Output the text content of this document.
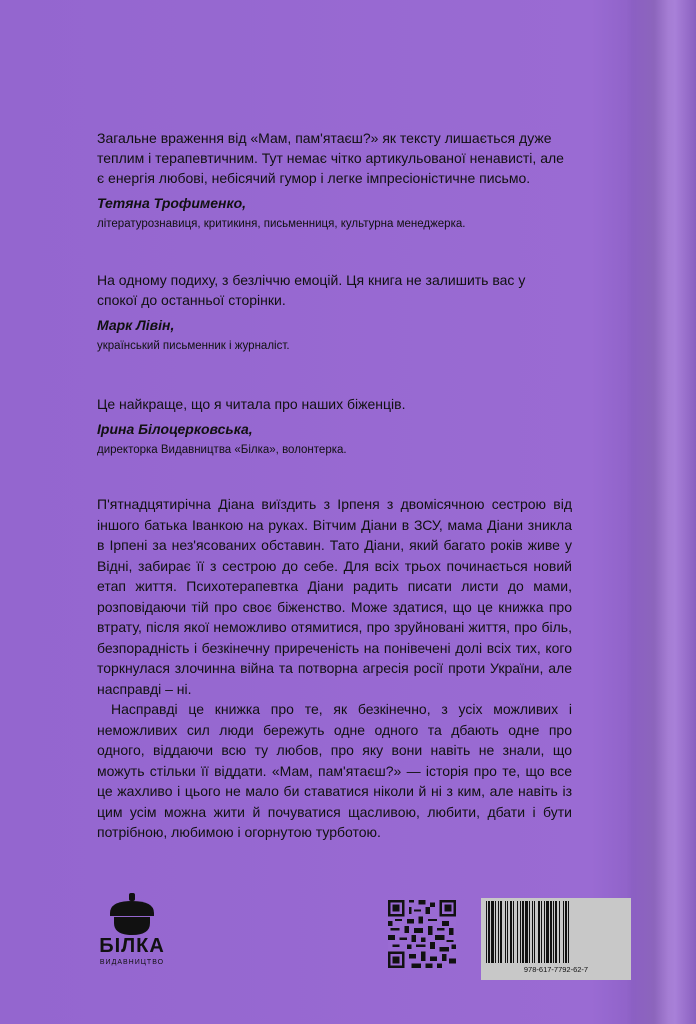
Загальне враження від «Мам, пам'ятаєш?» як тексту лишається дуже теплим і терапевтичним. Тут немає чітко артикульованої ненависті, але є енергія любові, небісячий гумор і легке імпресіоністичне письмо.

Тетяна Трофименко,

літературознавиця, критикиня, письменниця, культурна менеджерка.

На одному подиху, з безліччю емоцій. Ця книга не залишить вас у спокої до останньої сторінки.

Марк Лівін,

український письменник і журналіст.

Це найкраще, що я читала про наших біженців.

Ірина Білоцерковська,

директорка Видавництва «Білка», волонтерка.

П'ятнадцятирічна Діана виїздить з Ірпеня з двомісячною сестрою від іншого батька Іванкою на руках. Вітчим Діани в ЗСУ, мама Діани зникла в Ірпені за нез'ясованих обставин. Тато Діани, який багато років живе у Відні, забирає її з сестрою до себе. Для всіх трьох починається новий етап життя. Психотерапевтка Діани радить писати листи до мами, розповідаючи тій про своє біженство. Може здатися, що це книжка про втрату, після якої неможливо отямитися, про зруйновані життя, про біль, безпорадність і безкінечну приреченість на понівечені долі всіх тих, кого торкнулася злочинна війна та потворна агресія росії проти України, але насправді – ні.

Насправді це книжка про те, як безкінечно, з усіх можливих і неможливих сил люди бережуть одне одного та дбають одне про одного, віддаючи всю ту любов, про яку вони навіть не знали, що можуть стільки її віддати. «Мам, пам'ятаєш?» — історія про те, що все це жахливо і цього не мало би ставатися ніколи й ні з ким, але навіть із цим усім можна жити й почуватися щасливою, любити, дбати і бути потрібною, любимою і огорнутою турботою.

БІЛКА
ВИДАВНИЦТВО
978-617-7792-62-7
